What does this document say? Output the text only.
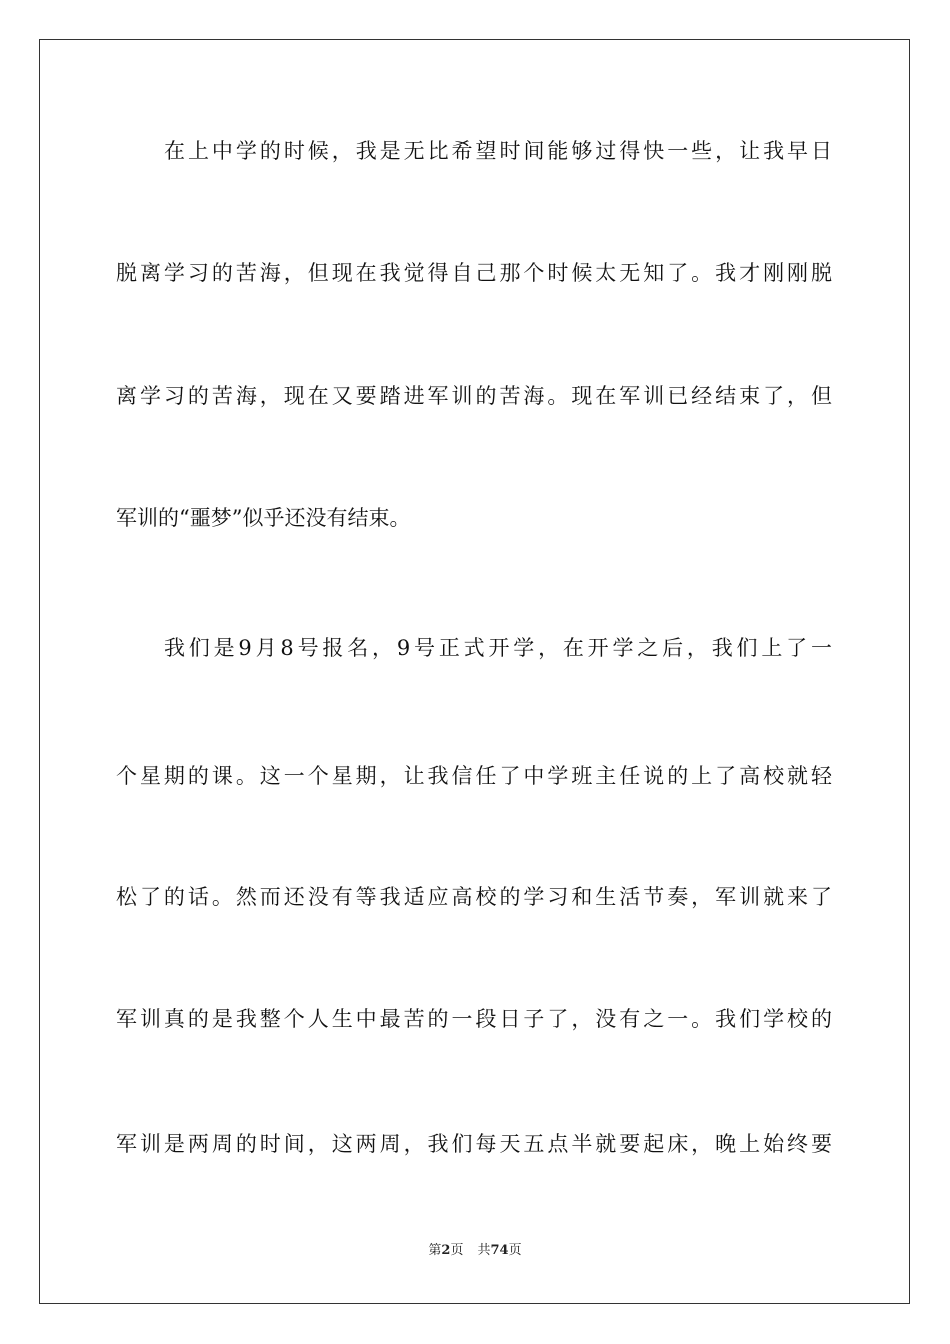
在上中学的时候，我是无比希望时间能够过得快一些，让我早日
脱离学习的苦海，但现在我觉得自己那个时候太无知了。我才刚刚脱
离学习的苦海，现在又要踏进军训的苦海。现在军训已经结束了，但
军训的“噩梦”似乎还没有结束。
我们是9月8号报名，9号正式开学，在开学之后，我们上了一
个星期的课。这一个星期，让我信任了中学班主任说的上了高校就轻
松了的话。然而还没有等我适应高校的学习和生活节奏，军训就来了
军训真的是我整个人生中最苦的一段日子了，没有之一。我们学校的
军训是两周的时间，这两周，我们每天五点半就要起床，晚上始终要
第2页 共74页
